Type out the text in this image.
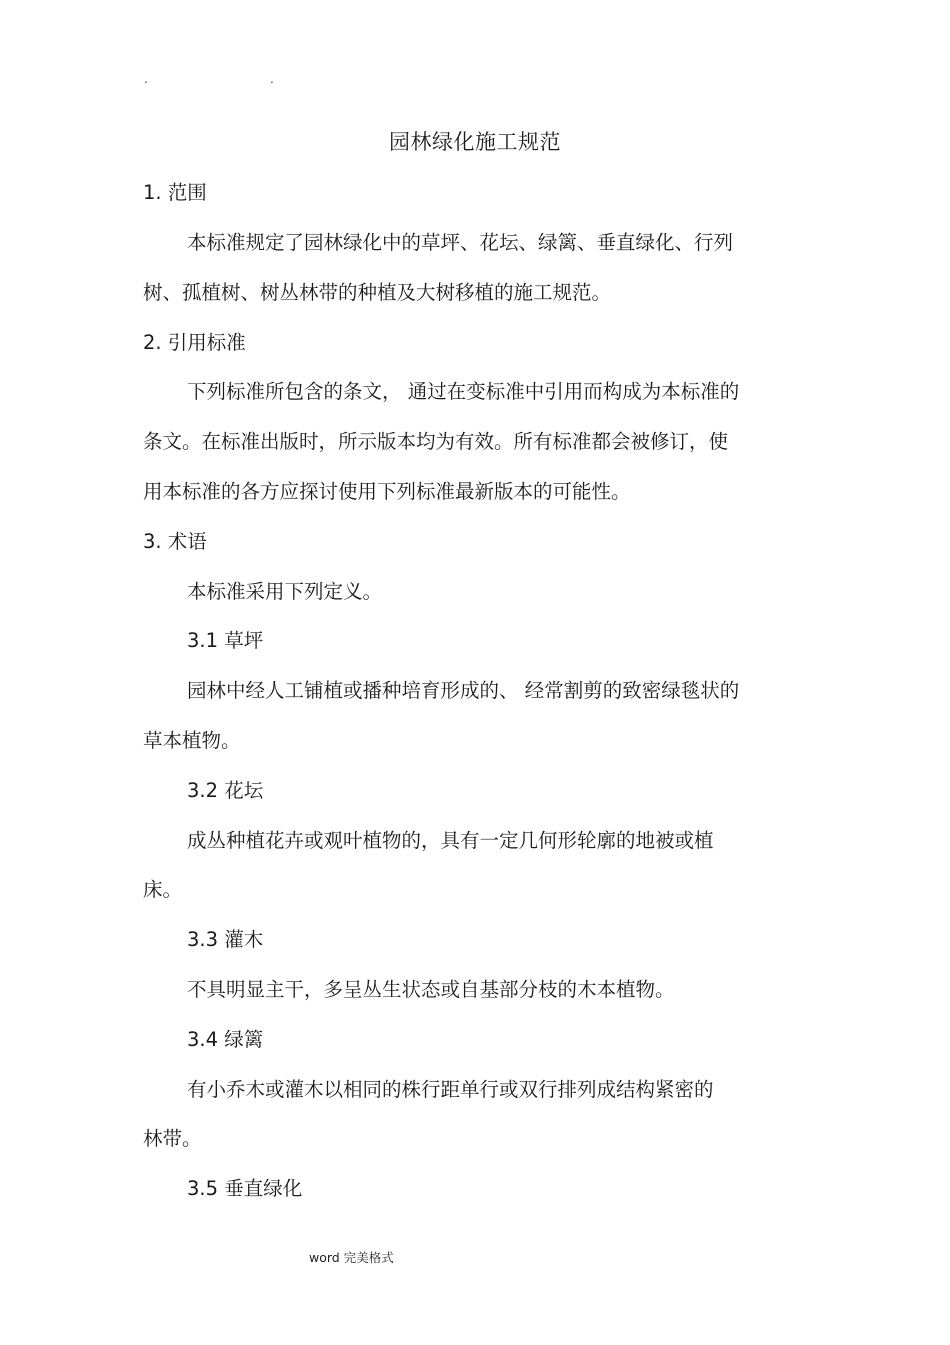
.	.
园林绿化施工规范
1. 范围
本标准规定了园林绿化中的草坪、花坛、绿篱、垂直绿化、行列
树、孤植树、树丛林带的种植及大树移植的施工规范。
2. 引用标准
下列标准所包含的条文， 通过在变标准中引用而构成为本标准的
条文。在标准出版时，所示版本均为有效。所有标准都会被修订，使
用本标准的各方应探讨使用下列标准最新版本的可能性。
3. 术语
本标准采用下列定义。
3.1 草坪
园林中经人工铺植或播种培育形成的、 经常割剪的致密绿毯状的
草本植物。
3.2 花坛
成丛种植花卉或观叶植物的，具有一定几何形轮廓的地被或植
床。
3.3 灌木
不具明显主干，多呈丛生状态或自基部分枝的木本植物。
3.4 绿篱
有小乔木或灌木以相同的株行距单行或双行排列成结构紧密的
林带。
3.5 垂直绿化
word 完美格式
